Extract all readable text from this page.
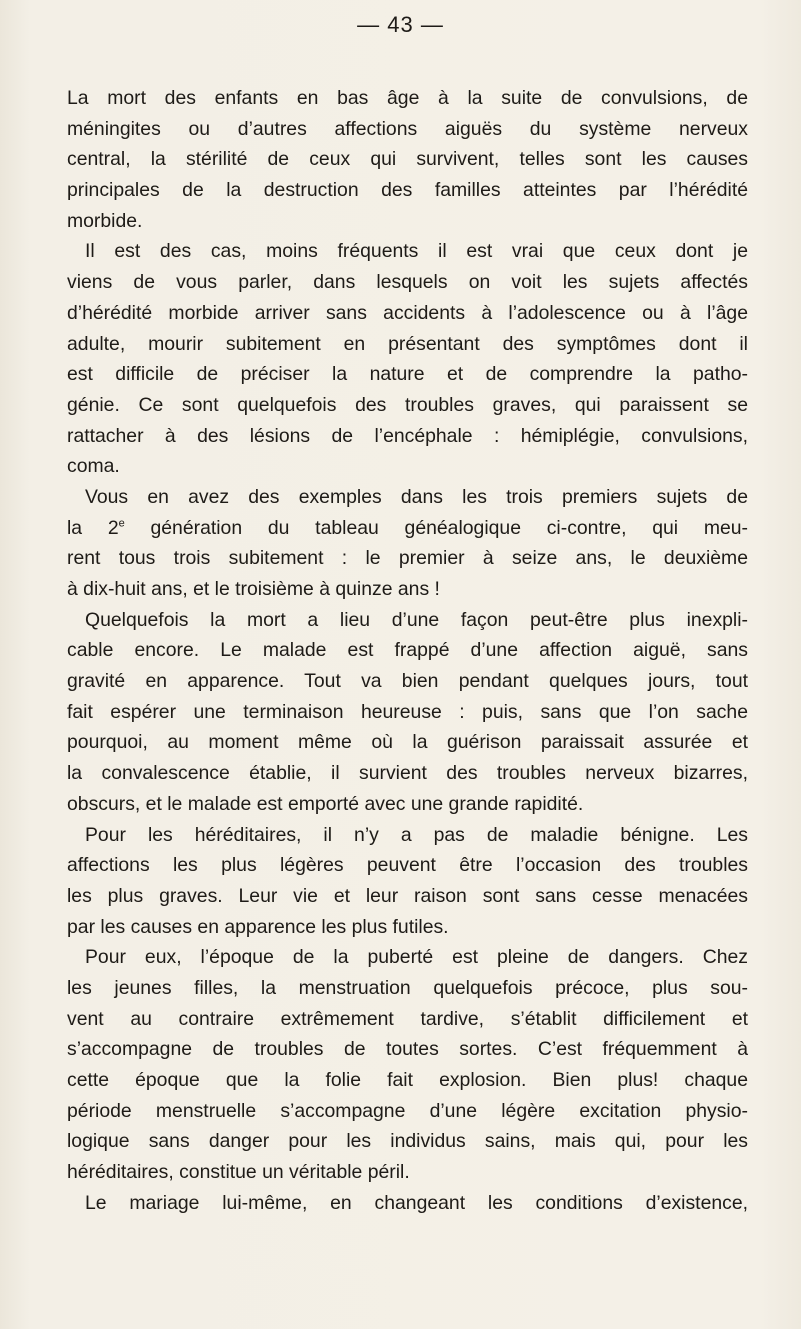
— 43 —
La mort des enfants en bas âge à la suite de convulsions, de
méningites ou d’autres affections aiguës du système nerveux
central, la stérilité de ceux qui survivent, telles sont les causes
principales de la destruction des familles atteintes par l’hérédité
morbide.
Il est des cas, moins fréquents il est vrai que ceux dont je
viens de vous parler, dans lesquels on voit les sujets affectés
d’hérédité morbide arriver sans accidents à l’adolescence ou à l’âge
adulte, mourir subitement en présentant des symptômes dont il
est difficile de préciser la nature et de comprendre la patho-
génie. Ce sont quelquefois des troubles graves, qui paraissent se
rattacher à des lésions de l’encéphale : hémiplégie, convulsions,
coma.
Vous en avez des exemples dans les trois premiers sujets de
la 2e génération du tableau généalogique ci-contre, qui meu-
rent tous trois subitement : le premier à seize ans, le deuxième
à dix-huit ans, et le troisième à quinze ans !
Quelquefois la mort a lieu d’une façon peut-être plus inexpli-
cable encore. Le malade est frappé d’une affection aiguë, sans
gravité en apparence. Tout va bien pendant quelques jours, tout
fait espérer une terminaison heureuse : puis, sans que l’on sache
pourquoi, au moment même où la guérison paraissait assurée et
la convalescence établie, il survient des troubles nerveux bizarres,
obscurs, et le malade est emporté avec une grande rapidité.
Pour les héréditaires, il n’y a pas de maladie bénigne. Les
affections les plus légères peuvent être l’occasion des troubles
les plus graves. Leur vie et leur raison sont sans cesse menacées
par les causes en apparence les plus futiles.
Pour eux, l’époque de la puberté est pleine de dangers. Chez
les jeunes filles, la menstruation quelquefois précoce, plus sou-
vent au contraire extrêmement tardive, s’établit difficilement et
s’accompagne de troubles de toutes sortes. C’est fréquemment à
cette époque que la folie fait explosion. Bien plus! chaque
période menstruelle s’accompagne d’une légère excitation physio-
logique sans danger pour les individus sains, mais qui, pour les
héréditaires, constitue un véritable péril.
Le mariage lui-même, en changeant les conditions d’existence,
